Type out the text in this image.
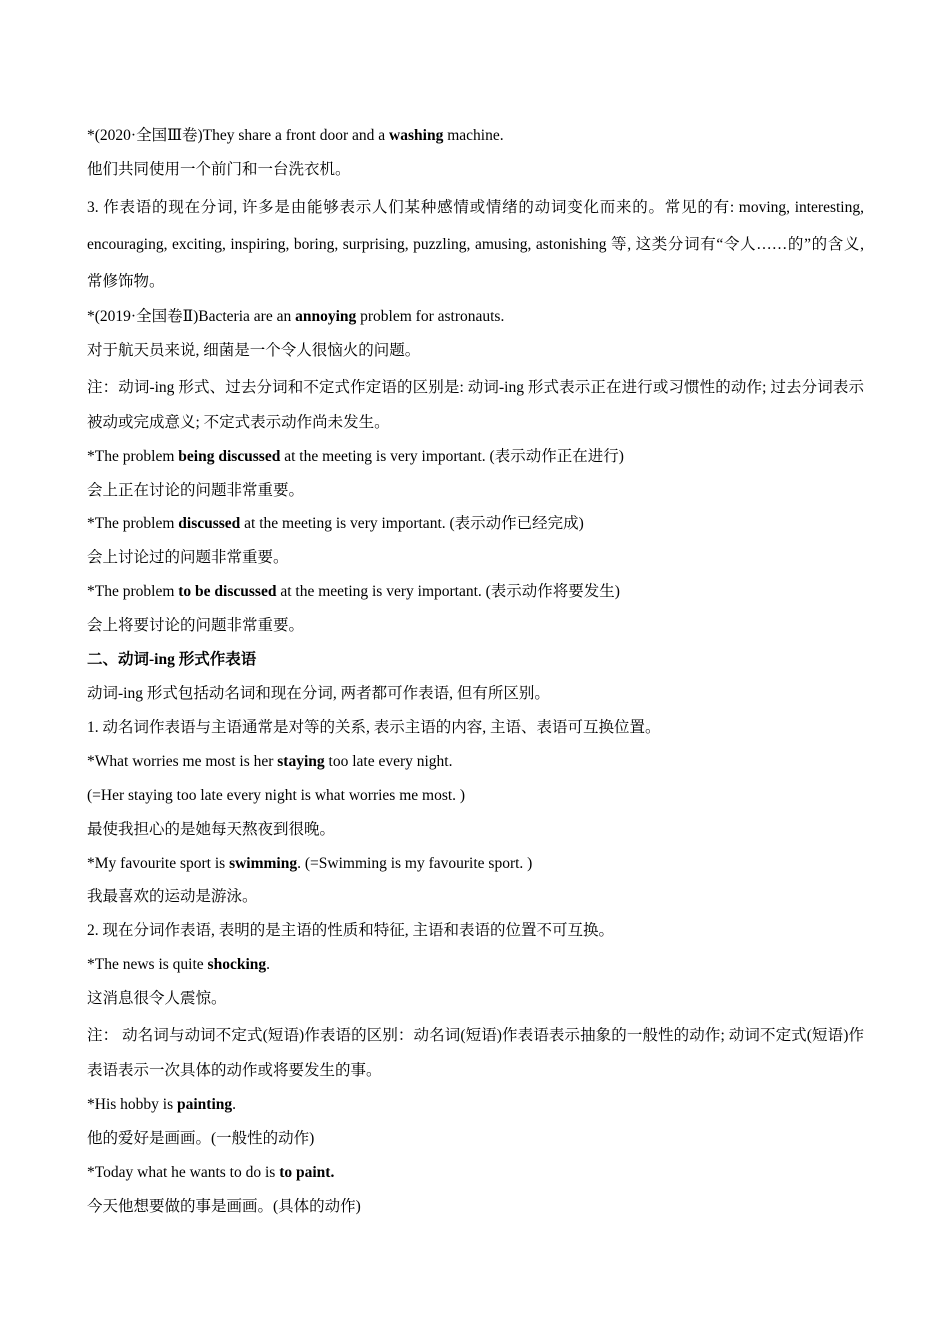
*(2020·全国Ⅲ卷)They share a front door and a washing machine.
他们共同使用一个前门和一台洗衣机。
3. 作表语的现在分词, 许多是由能够表示人们某种感情或情绪的动词变化而来的。常见的有: moving, interesting, encouraging, exciting, inspiring, boring, surprising, puzzling, amusing, astonishing 等, 这类分词有“令人……的”的含义, 常修饰物。
*(2019·全国卷Ⅱ)Bacteria are an annoying problem for astronauts.
对于航天员来说, 细菌是一个令人很恼火的问题。
注：动词-ing 形式、过去分词和不定式作定语的区别是: 动词-ing 形式表示正在进行或习惯性的动作; 过去分词表示被动或完成意义; 不定式表示动作尚未发生。
*The problem being discussed at the meeting is very important. (表示动作正在进行)
会上正在讨论的问题非常重要。
*The problem discussed at the meeting is very important. (表示动作已经完成)
会上讨论过的问题非常重要。
*The problem to be discussed at the meeting is very important. (表示动作将要发生)
会上将要讨论的问题非常重要。
二、动词-ing 形式作表语
动词-ing 形式包括动名词和现在分词, 两者都可作表语, 但有所区别。
1. 动名词作表语与主语通常是对等的关系, 表示主语的内容, 主语、表语可互换位置。
*What worries me most is her staying too late every night.
(=Her staying too late every night is what worries me most. )
最使我担心的是她每天熬夜到很晚。
*My favourite sport is swimming. (=Swimming is my favourite sport. )
我最喜欢的运动是游泳。
2. 现在分词作表语, 表明的是主语的性质和特征, 主语和表语的位置不可互换。
*The news is quite shocking.
这消息很令人震惊。
注： 动名词与动词不定式(短语)作表语的区别：动名词(短语)作表语表示抽象的一般性的动作; 动词不定式(短语)作表语表示一次具体的动作或将要发生的事。
*His hobby is painting.
他的爱好是画画。(一般性的动作)
*Today what he wants to do is to paint.
今天他想要做的事是画画。(具体的动作)
